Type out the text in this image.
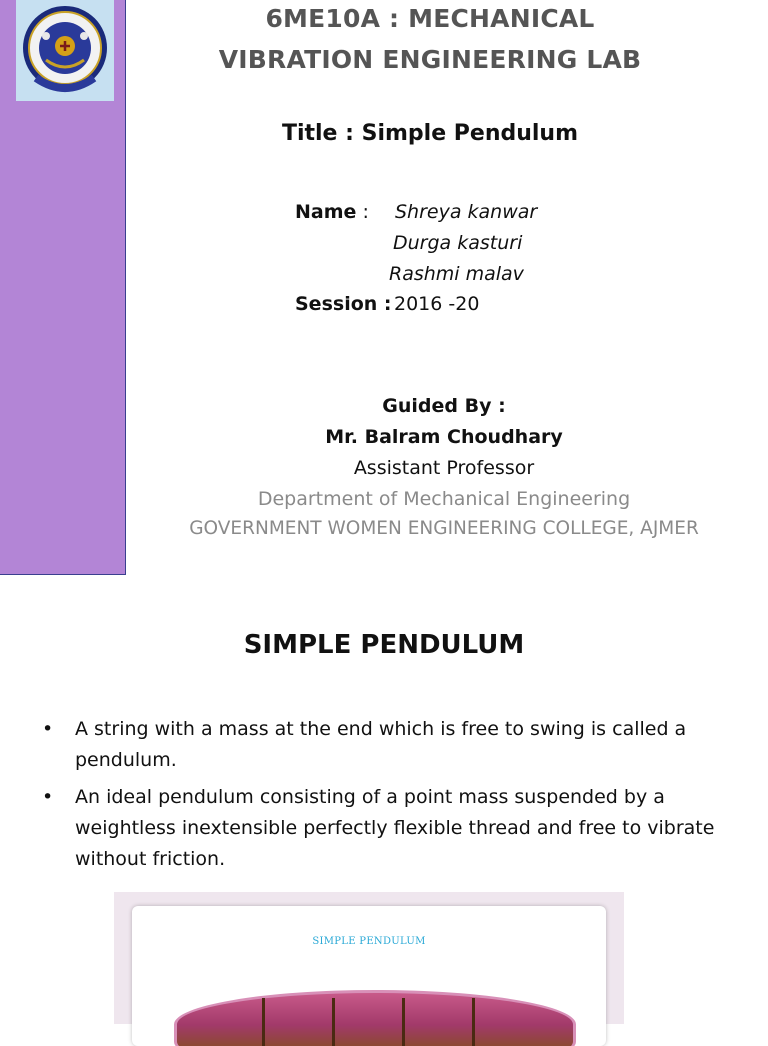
6ME10A : MECHANICAL
VIBRATION ENGINEERING LAB
Title : Simple Pendulum
Name : Shreya kanwar
Durga kasturi
Rashmi malav
Session : 2016 -20
Guided By :
Mr. Balram Choudhary
Assistant Professor
Department of Mechanical Engineering
GOVERNMENT WOMEN ENGINEERING COLLEGE, AJMER
SIMPLE PENDULUM
• A string with a mass at the end which is free to swing is called a pendulum.
• An ideal pendulum consisting of a point mass suspended by a weightless inextensible perfectly flexible thread and free to vibrate without friction.
SIMPLE PENDULUM
